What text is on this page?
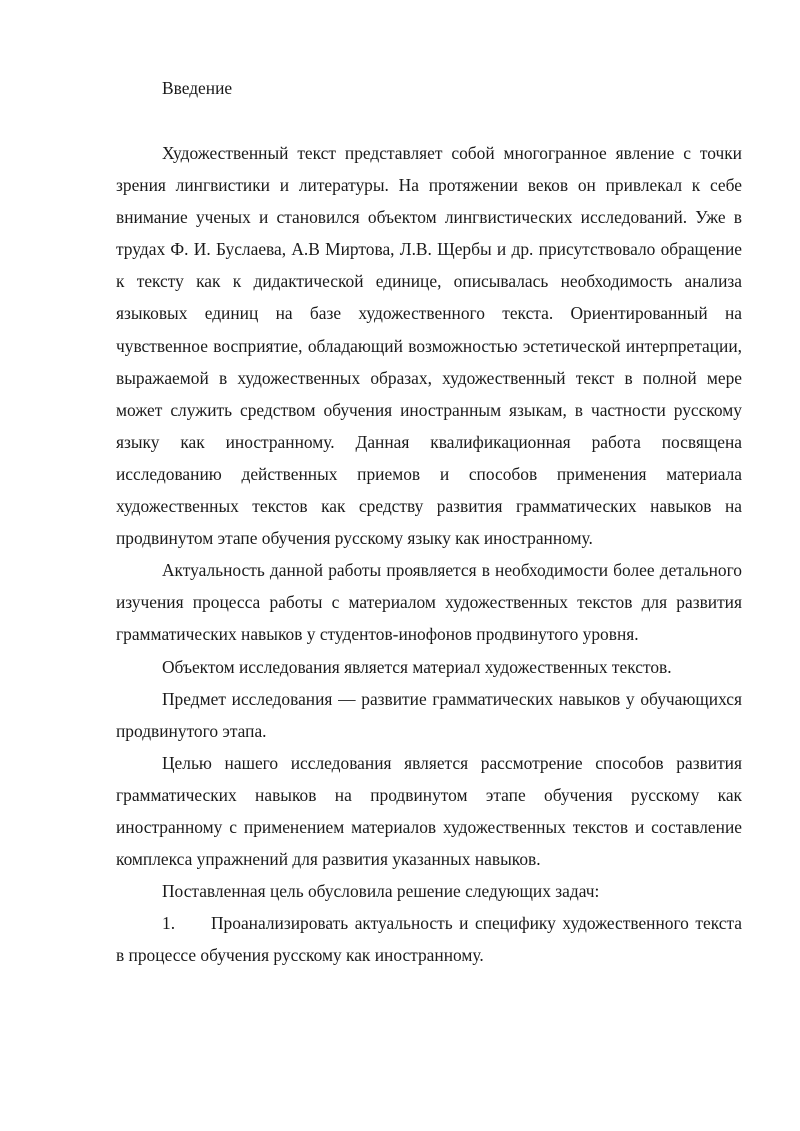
Введение

Художественный текст представляет собой многогранное явление с точки зрения лингвистики и литературы. На протяжении веков он привлекал к себе внимание ученых и становился объектом лингвистических исследований. Уже в трудах Ф. И. Буслаева, А.В Миртова, Л.В. Щербы и др. присутствовало обращение к тексту как к дидактической единице, описывалась необходимость анализа языковых единиц на базе художественного текста. Ориентированный на чувственное восприятие, обладающий возможностью эстетической интерпретации, выражаемой в художественных образах, художественный текст в полной мере может служить средством обучения иностранным языкам, в частности русскому языку как иностранному. Данная квалификационная работа посвящена исследованию действенных приемов и способов применения материала художественных текстов как средству развития грамматических навыков на продвинутом этапе обучения русскому языку как иностранному.

Актуальность данной работы проявляется в необходимости более детального изучения процесса работы с материалом художественных текстов для развития грамматических навыков у студентов-инофонов продвинутого уровня.

Объектом исследования является материал художественных текстов.

Предмет исследования — развитие грамматических навыков у обучающихся продвинутого этапа.

Целью нашего исследования является рассмотрение способов развития грамматических навыков на продвинутом этапе обучения русскому как иностранному с применением материалов художественных текстов и составление комплекса упражнений для развития указанных навыков.

Поставленная цель обусловила решение следующих задач:

1. Проанализировать актуальность и специфику художественного текста в процессе обучения русскому как иностранному.
